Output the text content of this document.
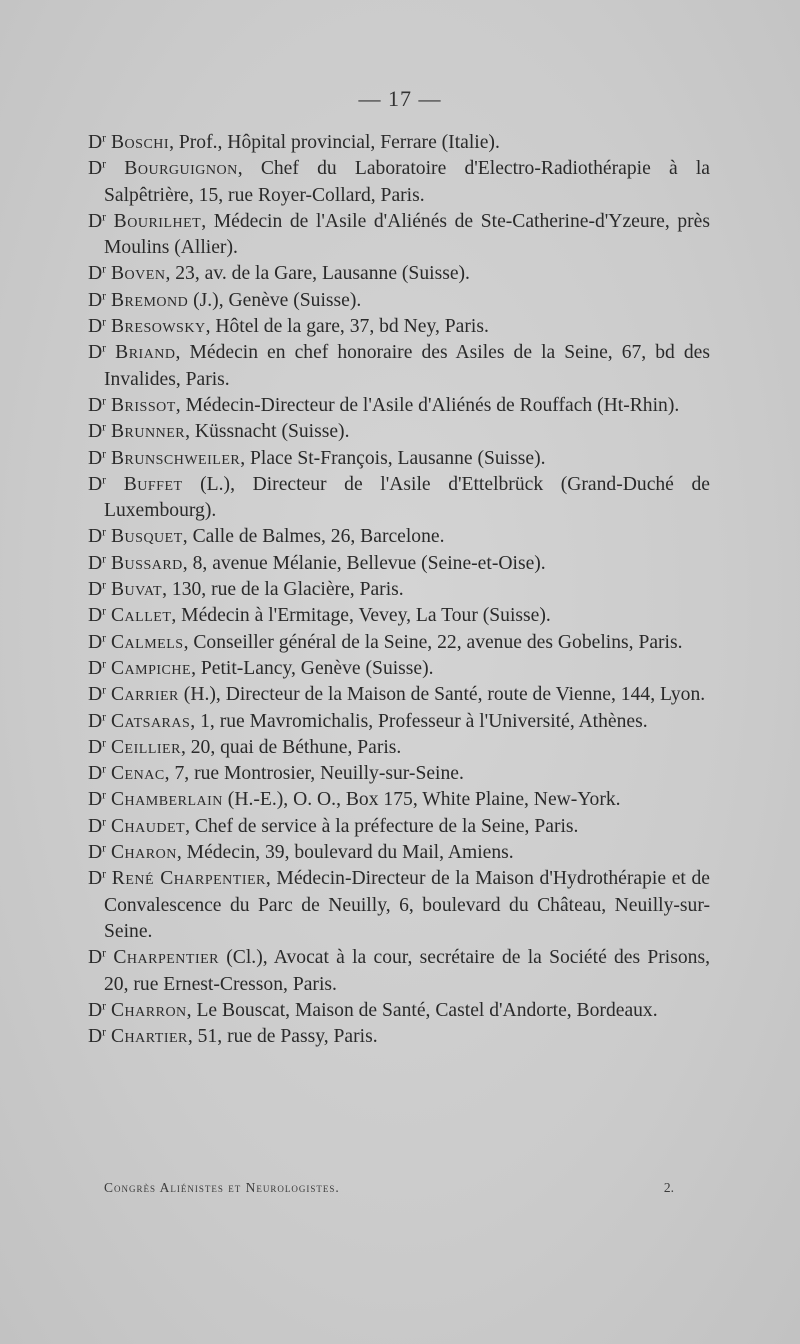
— 17 —
$D^r$ Boschi, Prof., Hôpital provincial, Ferrare (Italie).
$D^r$ Bourguignon, Chef du Laboratoire d'Electro-Radiothérapie à la Salpêtrière, 15, rue Royer-Collard, Paris.
$D^r$ Bourilhet, Médecin de l'Asile d'Aliénés de Ste-Catherine-d'Yzeure, près Moulins (Allier).
$D^r$ Boven, 23, av. de la Gare, Lausanne (Suisse).
$D^r$ Bremond (J.), Genève (Suisse).
$D^r$ Bresowsky, Hôtel de la gare, 37, bd Ney, Paris.
$D^r$ Briand, Médecin en chef honoraire des Asiles de la Seine, 67, bd des Invalides, Paris.
$D^r$ Brissot, Médecin-Directeur de l'Asile d'Aliénés de Rouffach (Ht-Rhin).
$D^r$ Brunner, Küssnacht (Suisse).
$D^r$ Brunschweiler, Place St-François, Lausanne (Suisse).
$D^r$ Buffet (L.), Directeur de l'Asile d'Ettelbrück (Grand-Duché de Luxembourg).
$D^r$ Busquet, Calle de Balmes, 26, Barcelone.
$D^r$ Bussard, 8, avenue Mélanie, Bellevue (Seine-et-Oise).
$D^r$ Buvat, 130, rue de la Glacière, Paris.
$D^r$ Callet, Médecin à l'Ermitage, Vevey, La Tour (Suisse).
$D^r$ Calmels, Conseiller général de la Seine, 22, avenue des Gobelins, Paris.
$D^r$ Campiche, Petit-Lancy, Genève (Suisse).
$D^r$ Carrier (H.), Directeur de la Maison de Santé, route de Vienne, 144, Lyon.
$D^r$ Catsaras, 1, rue Mavromichalis, Professeur à l'Université, Athènes.
$D^r$ Ceillier, 20, quai de Béthune, Paris.
$D^r$ Cenac, 7, rue Montrosier, Neuilly-sur-Seine.
$D^r$ Chamberlain (H.-E.), O. O., Box 175, White Plaine, New-York.
$D^r$ Chaudet, Chef de service à la préfecture de la Seine, Paris.
$D^r$ Charon, Médecin, 39, boulevard du Mail, Amiens.
$D^r$ René Charpentier, Médecin-Directeur de la Maison d'Hydrothérapie et de Convalescence du Parc de Neuilly, 6, boulevard du Château, Neuilly-sur-Seine.
$D^r$ Charpentier (Cl.), Avocat à la cour, secrétaire de la Société des Prisons, 20, rue Ernest-Cresson, Paris.
$D^r$ Charron, Le Bouscat, Maison de Santé, Castel d'Andorte, Bordeaux.
$D^r$ Chartier, 51, rue de Passy, Paris.
Congrès Aliénistes et Neurologistes.	2.
